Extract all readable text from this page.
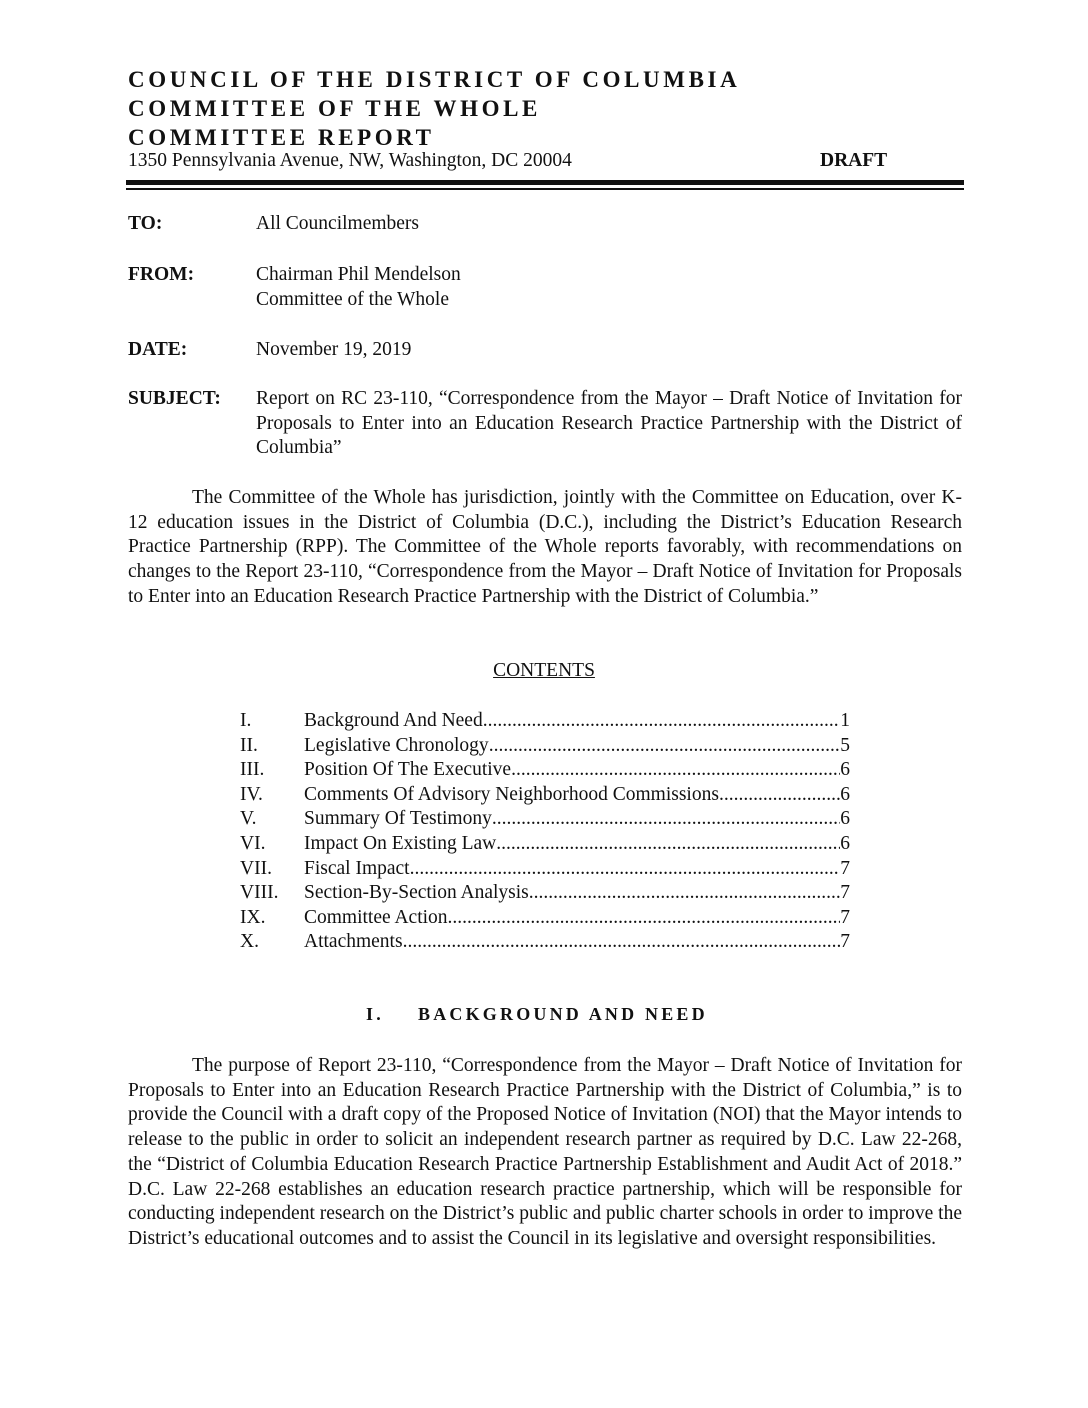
COUNCIL OF THE DISTRICT OF COLUMBIA
COMMITTEE OF THE WHOLE
COMMITTEE REPORT
1350 Pennsylvania Avenue, NW, Washington, DC 20004	DRAFT
TO:	All Councilmembers
FROM:	Chairman Phil Mendelson
Committee of the Whole
DATE:	November 19, 2019
SUBJECT: Report on RC 23-110, “Correspondence from the Mayor – Draft Notice of Invitation for Proposals to Enter into an Education Research Practice Partnership with the District of Columbia”
The Committee of the Whole has jurisdiction, jointly with the Committee on Education, over K-12 education issues in the District of Columbia (D.C.), including the District’s Education Research Practice Partnership (RPP). The Committee of the Whole reports favorably, with recommendations on changes to the Report 23-110, “Correspondence from the Mayor – Draft Notice of Invitation for Proposals to Enter into an Education Research Practice Partnership with the District of Columbia.”
CONTENTS
I.	Background And Need .....	1
II. Legislative Chronology .....	5
III. Position Of The Executive .....	6
IV. Comments Of Advisory Neighborhood Commissions .....	6
V. Summary Of Testimony .....	6
VI. Impact On Existing Law .....	6
VII. Fiscal Impact .....	7
VIII. Section-By-Section Analysis .....	7
IX. Committee Action .....	7
X. Attachments .....	7
I. BACKGROUND AND NEED
The purpose of Report 23-110, “Correspondence from the Mayor – Draft Notice of Invitation for Proposals to Enter into an Education Research Practice Partnership with the District of Columbia,” is to provide the Council with a draft copy of the Proposed Notice of Invitation (NOI) that the Mayor intends to release to the public in order to solicit an independent research partner as required by D.C. Law 22-268, the “District of Columbia Education Research Practice Partnership Establishment and Audit Act of 2018.” D.C. Law 22-268 establishes an education research practice partnership, which will be responsible for conducting independent research on the District’s public and public charter schools in order to improve the District’s educational outcomes and to assist the Council in its legislative and oversight responsibilities.
